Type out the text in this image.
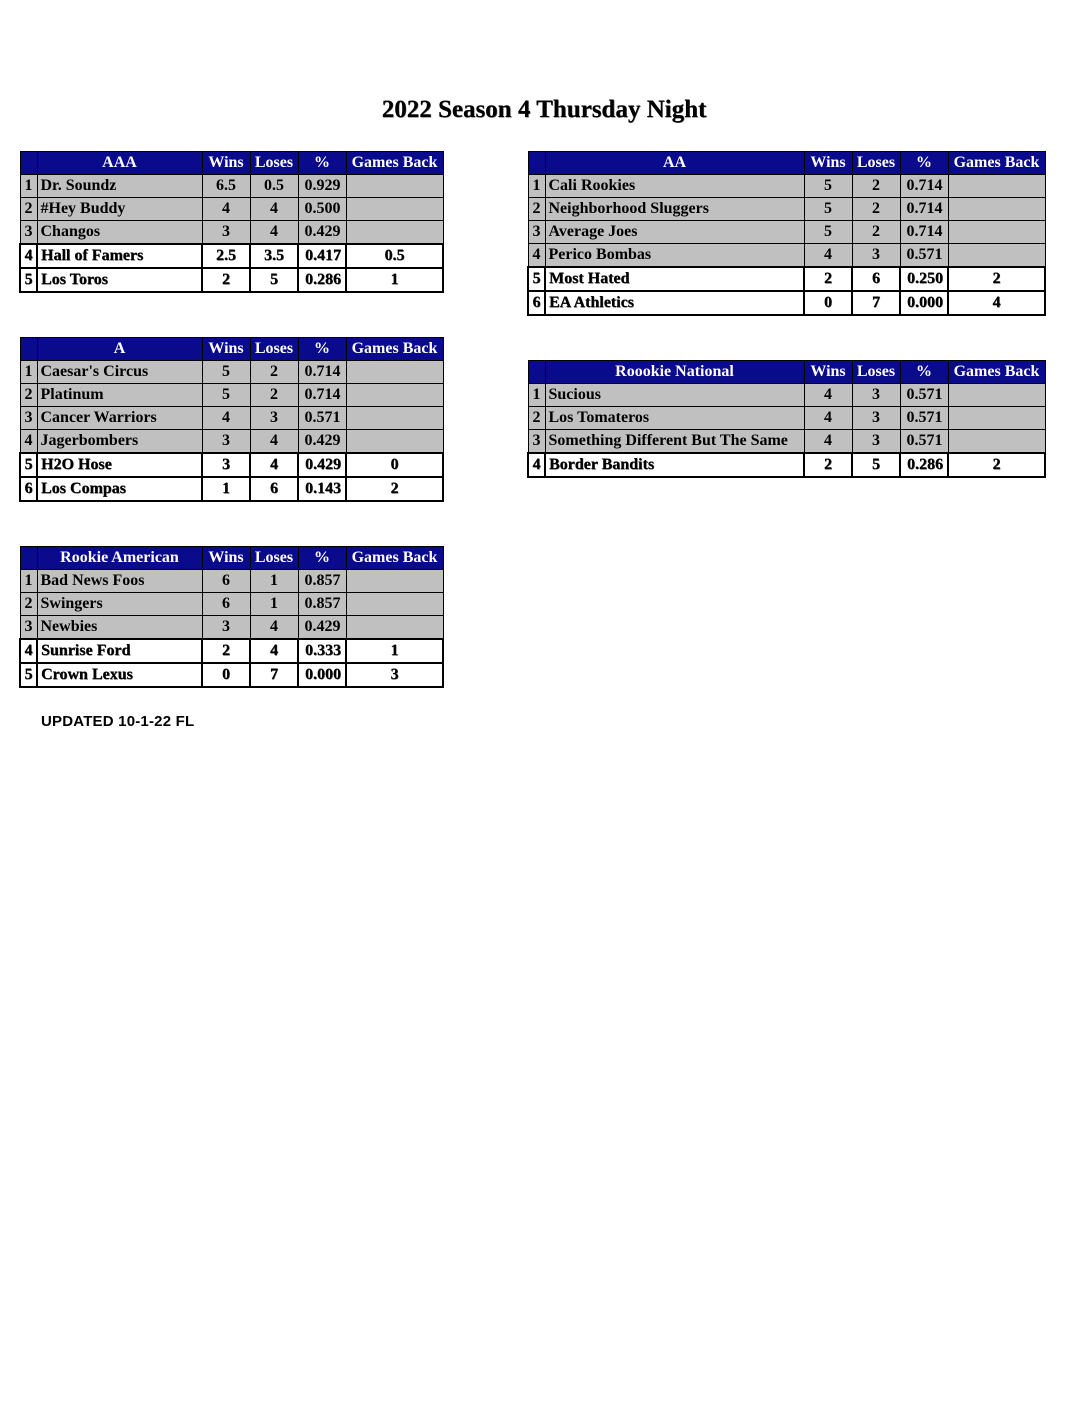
2022 Season 4 Thursday Night
	AAA	Wins	Loses	%	Games Back
1	Dr. Soundz	6.5	0.5	0.929	
2	#Hey Buddy	4	4	0.500	
3	Changos	3	4	0.429	
4	Hall of Famers	2.5	3.5	0.417	0.5
5	Los Toros	2	5	0.286	1
	AA	Wins	Loses	%	Games Back
1	Cali Rookies	5	2	0.714	
2	Neighborhood Sluggers	5	2	0.714	
3	Average Joes	5	2	0.714	
4	Perico Bombas	4	3	0.571	
5	Most Hated	2	6	0.250	2
6	EA Athletics	0	7	0.000	4
	A	Wins	Loses	%	Games Back
1	Caesar's Circus	5	2	0.714	
2	Platinum	5	2	0.714	
3	Cancer Warriors	4	3	0.571	
4	Jagerbombers	3	4	0.429	
5	H2O Hose	3	4	0.429	0
6	Los Compas	1	6	0.143	2
	Roookie National	Wins	Loses	%	Games Back
1	Sucious	4	3	0.571	
2	Los Tomateros	4	3	0.571	
3	Something Different But The Same	4	3	0.571	
4	Border Bandits	2	5	0.286	2
	Rookie American	Wins	Loses	%	Games Back
1	Bad News Foos	6	1	0.857	
2	Swingers	6	1	0.857	
3	Newbies	3	4	0.429	
4	Sunrise Ford	2	4	0.333	1
5	Crown Lexus	0	7	0.000	3
UPDATED 10-1-22 FL
